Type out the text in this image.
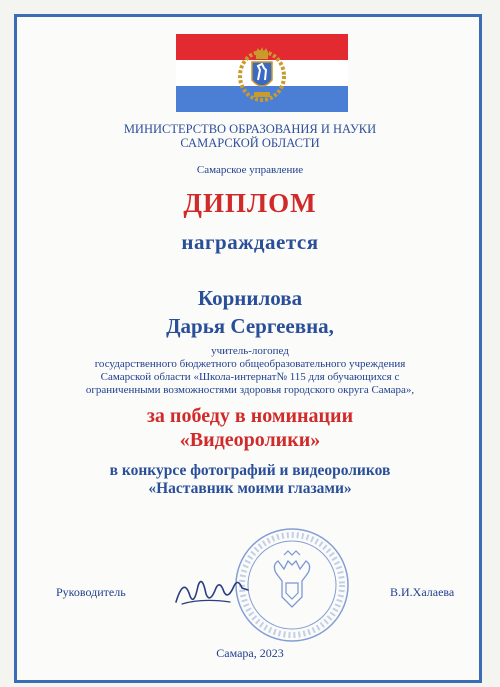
МИНИСТЕРСТВО ОБРАЗОВАНИЯ И НАУКИ
САМАРСКОЙ ОБЛАСТИ
Самарское управление
ДИПЛОМ
награждается
Корнилова
Дарья Сергеевна,
учитель-логопед
государственного бюджетного общеобразовательного учреждения
Самарской области «Школа-интернат№ 115 для обучающихся с
ограниченными возможностями здоровья городского округа Самара»,
за победу в номинации
«Видеоролики»
в конкурсе фотографий и видеороликов
«Наставник моими глазами»
Руководитель	В.И.Халаева
Самара, 2023
